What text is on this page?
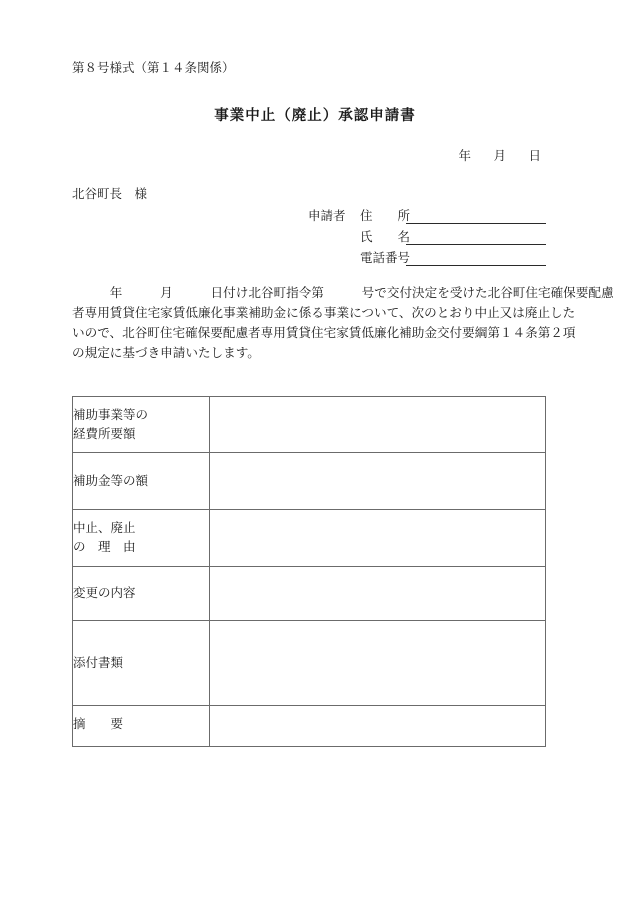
第８号様式（第１４条関係）
事業中止（廃止）承認申請書
年　月　日
北谷町長　様
申請者	住　　所
氏　　名
電話番号
　　　年　　　月　　　日付け北谷町指令第　　　号で交付決定を受けた北谷町住宅確保要配慮
者専用賃貸住宅家賃低廉化事業補助金に係る事業について、次のとおり中止又は廃止した
いので、北谷町住宅確保要配慮者専用賃貸住宅家賃低廉化補助金交付要綱第１４条第２項
の規定に基づき申請いたします。
補助事業等の
経費所要額	

補助金等の額	

中止、廃止
の　理　由	

変更の内容	

添付書類	

摘　　要	
